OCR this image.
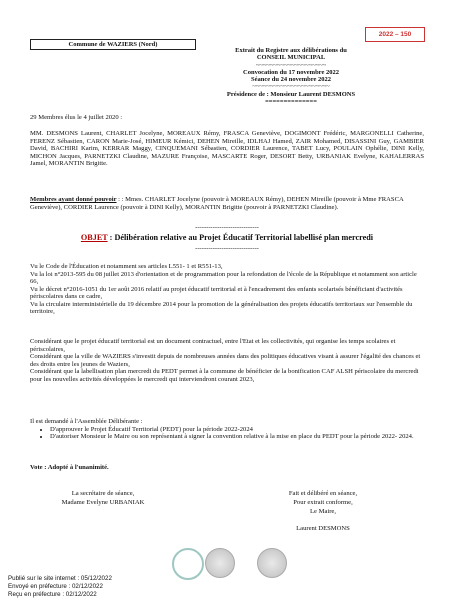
2022 – 150
Commune de WAZIERS (Nord)
Extrait du Registre aux délibérations du
CONSEIL MUNICIPAL
~~~~~~~~~~~~~~~~~~~~
Convocation du 17 novembre 2022
Séance du 24 novembre 2022
~~~~~~~~~~~~~~~~~~~~~~
Présidence de : Monsieur Laurent DESMONS
==============
29 Membres élus le 4 juillet 2020 :
MM. DESMONS Laurent, CHARLET Jocelyne, MOREAUX Rémy, FRASCA Geneviève, DOGIMONT Frédéric, MARGONELLI Catherine, FERENZ Sébastien, CARON Marie-José, HIMEUR Kémici, DEHEN Mireille, IDLHAJ Hamed, ZAIR Mohamed, DISASSINI Guy, GAMBIER David, BACHIRI Karim, KERRAR Maggy, CINQUEMANI Sébastien, CORDIER Laurence, TABET Lucy, POULAIN Ophélie, DINI Kelly, MICHON Jacques, PARNETZKI Claudine, MAZURE Françoise, MASCARTE Roger, DESORT Betty, URBANIAK Evelyne, KAHALERRAS Jamel, MORANTIN Brigitte.
Membres ayant donné pouvoir : : Mmes. CHARLET Jocelyne (pouvoir à MOREAUX Rémy), DEHEN Mireille (pouvoir à Mme FRASCA Geneviève), CORDIER Laurence (pouvoir à DINI Kelly), MORANTIN Brigitte (pouvoir à PARNETZKI Claudine).
-----------------------------
OBJET : Délibération relative au Projet Éducatif Territorial labellisé plan mercredi
-----------------------------
Vu le Code de l'Éducation et notamment ses articles L551- 1 et R551-13,
Vu la loi n°2013-595 du 08 juillet 2013 d'orientation et de programmation pour la refondation de l'école de la République et notamment son article 66,
Vu le décret n°2016-1051 du 1er août 2016 relatif au projet éducatif territorial et à l'encadrement des enfants scolarisés bénéficiant d'activités périscolaires dans ce cadre,
Vu la circulaire interministérielle du 19 décembre 2014 pour la promotion de la généralisation des projets éducatifs territoriaux sur l'ensemble du territoire,
Considérant que le projet éducatif territorial est un document contractuel, entre l'Etat et les collectivités, qui organise les temps scolaires et périscolaires,
Considérant que la ville de WAZIERS s'investit depuis de nombreuses années dans des politiques éducatives visant à assurer l'égalité des chances et des droits entre les jeunes de Waziers,
Considérant que la labellisation plan mercredi du PEDT permet à la commune de bénéficier de la bonification CAF ALSH périscolaire du mercredi pour les nouvelles activités développées le mercredi qui interviendront courant 2023,
Il est demandé à l'Assemblée Délibérante :
• D'approuver le Projet Éducatif Territorial (PEDT) pour la période 2022-2024
• D'autoriser Monsieur le Maire ou son représentant à signer la convention relative à la mise en place du PEDT pour la période 2022- 2024.
Vote : Adopté à l'unanimité.
La secrétaire de séance,
Madame Evelyne URBANIAK
Fait et délibéré en séance,
Pour extrait conforme,
Le Maire,
Laurent DESMONS
Publié sur le site internet : 05/12/2022
Envoyé en préfecture : 02/12/2022
Reçu en préfecture : 02/12/2022
